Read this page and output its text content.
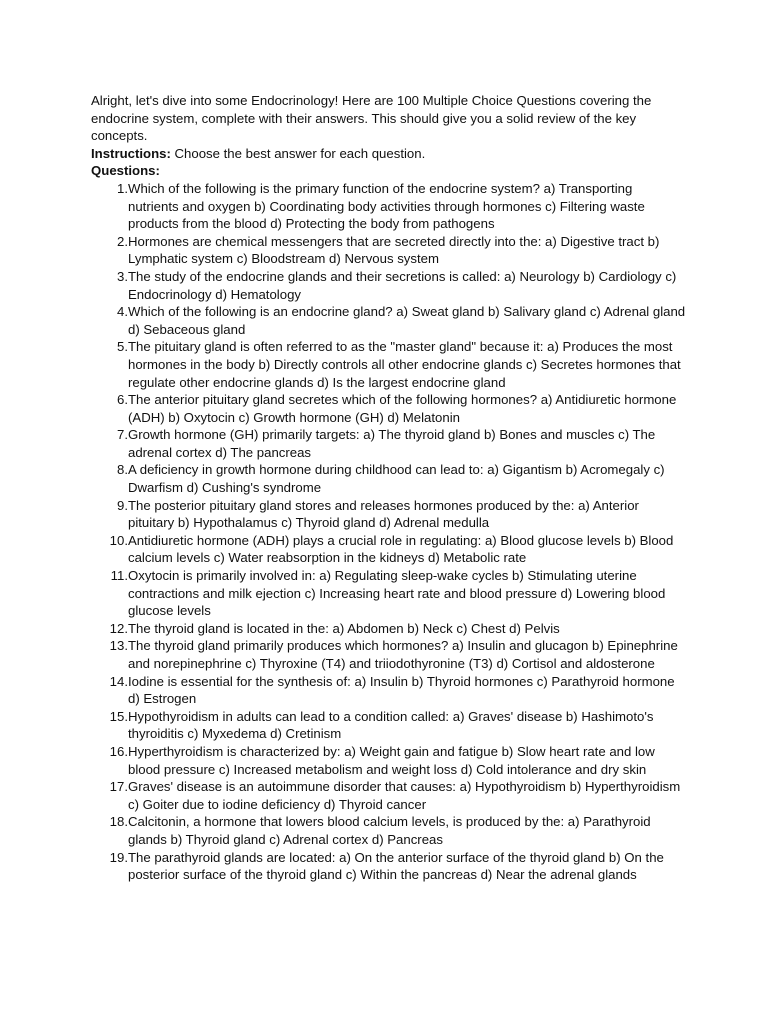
Alright, let's dive into some Endocrinology! Here are 100 Multiple Choice Questions covering the endocrine system, complete with their answers. This should give you a solid review of the key concepts.

Instructions: Choose the best answer for each question.

Questions:

1. Which of the following is the primary function of the endocrine system? a) Transporting nutrients and oxygen b) Coordinating body activities through hormones c) Filtering waste products from the blood d) Protecting the body from pathogens
2. Hormones are chemical messengers that are secreted directly into the: a) Digestive tract b) Lymphatic system c) Bloodstream d) Nervous system
3. The study of the endocrine glands and their secretions is called: a) Neurology b) Cardiology c) Endocrinology d) Hematology
4. Which of the following is an endocrine gland? a) Sweat gland b) Salivary gland c) Adrenal gland d) Sebaceous gland
5. The pituitary gland is often referred to as the "master gland" because it: a) Produces the most hormones in the body b) Directly controls all other endocrine glands c) Secretes hormones that regulate other endocrine glands d) Is the largest endocrine gland
6. The anterior pituitary gland secretes which of the following hormones? a) Antidiuretic hormone (ADH) b) Oxytocin c) Growth hormone (GH) d) Melatonin
7. Growth hormone (GH) primarily targets: a) The thyroid gland b) Bones and muscles c) The adrenal cortex d) The pancreas
8. A deficiency in growth hormone during childhood can lead to: a) Gigantism b) Acromegaly c) Dwarfism d) Cushing's syndrome
9. The posterior pituitary gland stores and releases hormones produced by the: a) Anterior pituitary b) Hypothalamus c) Thyroid gland d) Adrenal medulla
10. Antidiuretic hormone (ADH) plays a crucial role in regulating: a) Blood glucose levels b) Blood calcium levels c) Water reabsorption in the kidneys d) Metabolic rate
11. Oxytocin is primarily involved in: a) Regulating sleep-wake cycles b) Stimulating uterine contractions and milk ejection c) Increasing heart rate and blood pressure d) Lowering blood glucose levels
12. The thyroid gland is located in the: a) Abdomen b) Neck c) Chest d) Pelvis
13. The thyroid gland primarily produces which hormones? a) Insulin and glucagon b) Epinephrine and norepinephrine c) Thyroxine (T4) and triiodothyronine (T3) d) Cortisol and aldosterone
14. Iodine is essential for the synthesis of: a) Insulin b) Thyroid hormones c) Parathyroid hormone d) Estrogen
15. Hypothyroidism in adults can lead to a condition called: a) Graves' disease b) Hashimoto's thyroiditis c) Myxedema d) Cretinism
16. Hyperthyroidism is characterized by: a) Weight gain and fatigue b) Slow heart rate and low blood pressure c) Increased metabolism and weight loss d) Cold intolerance and dry skin
17. Graves' disease is an autoimmune disorder that causes: a) Hypothyroidism b) Hyperthyroidism c) Goiter due to iodine deficiency d) Thyroid cancer
18. Calcitonin, a hormone that lowers blood calcium levels, is produced by the: a) Parathyroid glands b) Thyroid gland c) Adrenal cortex d) Pancreas
19. The parathyroid glands are located: a) On the anterior surface of the thyroid gland b) On the posterior surface of the thyroid gland c) Within the pancreas d) Near the adrenal glands
